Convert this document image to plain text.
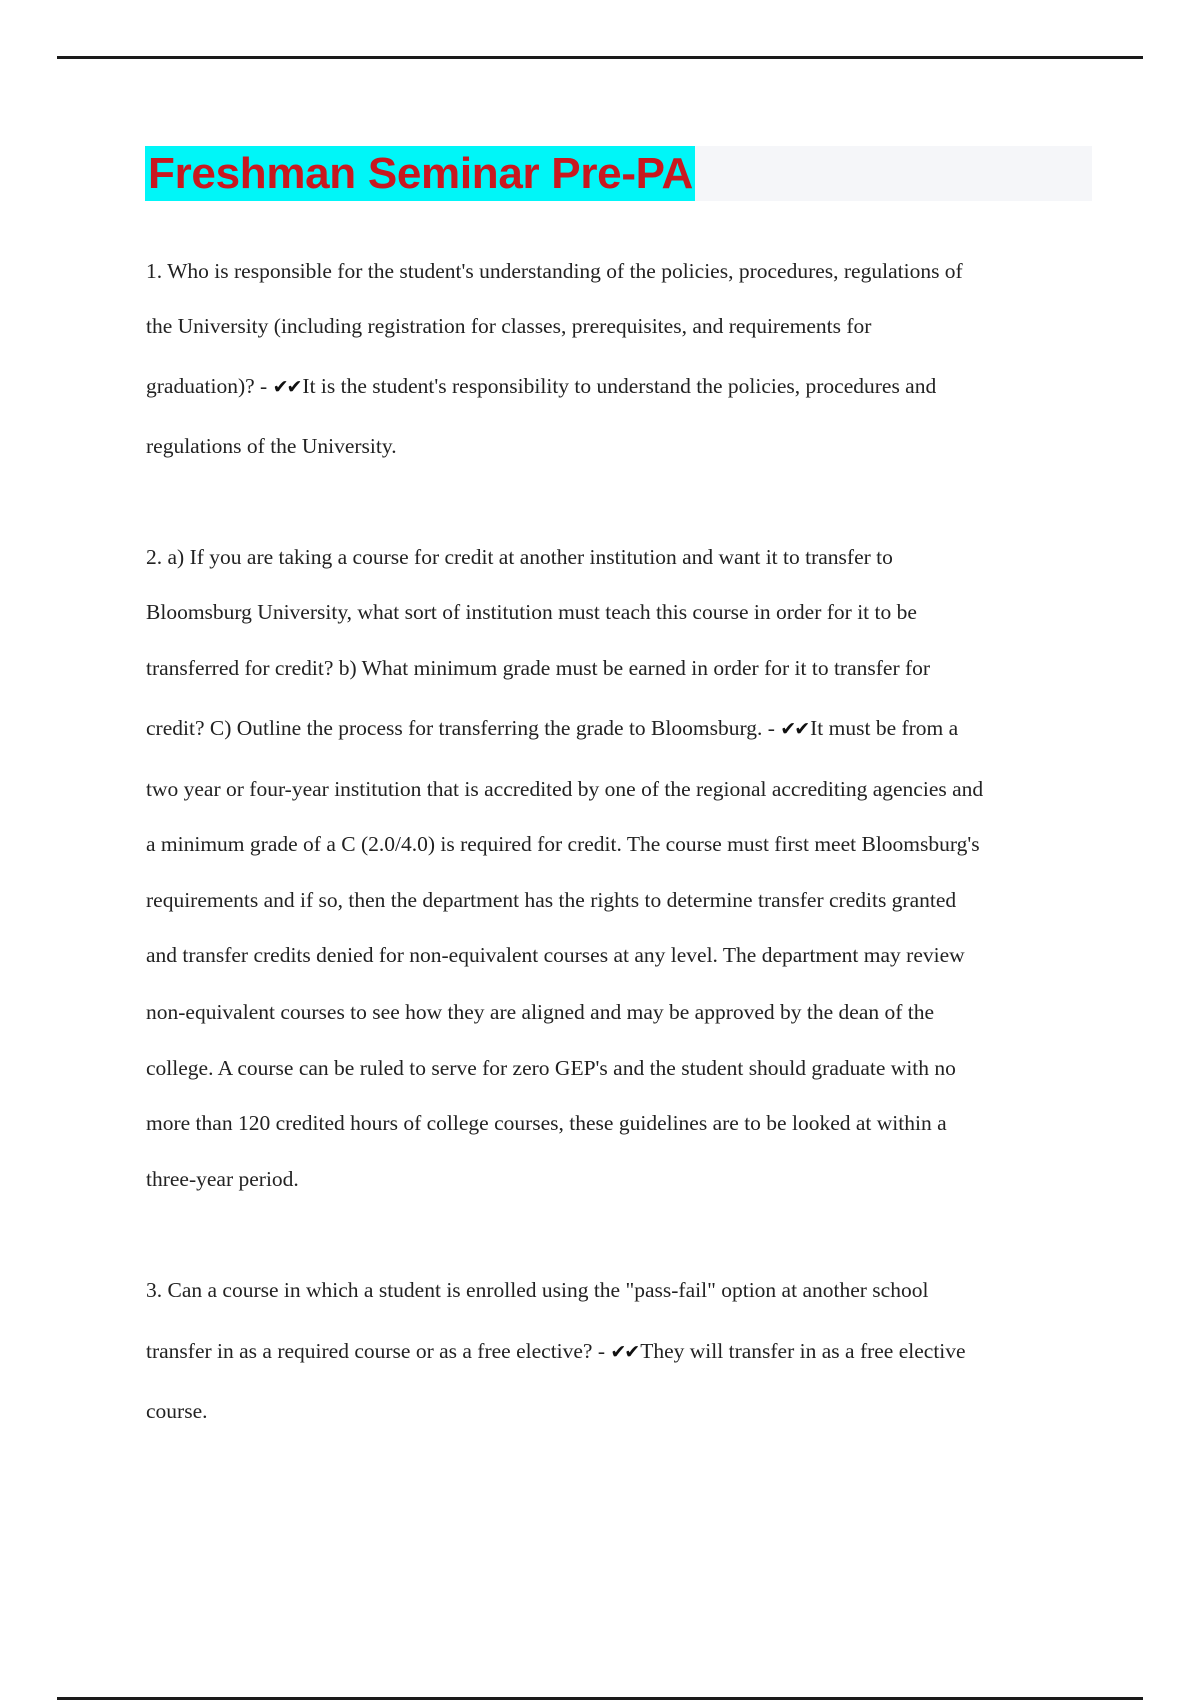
Freshman Seminar Pre-PA
1. Who is responsible for the student's understanding of the policies, procedures, regulations of
the University (including registration for classes, prerequisites, and requirements for
graduation)? - ✔✔It is the student's responsibility to understand the policies, procedures and
regulations of the University.
2. a) If you are taking a course for credit at another institution and want it to transfer to
Bloomsburg University, what sort of institution must teach this course in order for it to be
transferred for credit? b) What minimum grade must be earned in order for it to transfer for
credit? C) Outline the process for transferring the grade to Bloomsburg. - ✔✔It must be from a
two year or four-year institution that is accredited by one of the regional accrediting agencies and
a minimum grade of a C (2.0/4.0) is required for credit. The course must first meet Bloomsburg's
requirements and if so, then the department has the rights to determine transfer credits granted
and transfer credits denied for non-equivalent courses at any level. The department may review
non-equivalent courses to see how they are aligned and may be approved by the dean of the
college. A course can be ruled to serve for zero GEP's and the student should graduate with no
more than 120 credited hours of college courses, these guidelines are to be looked at within a
three-year period.
3. Can a course in which a student is enrolled using the "pass-fail" option at another school
transfer in as a required course or as a free elective? - ✔✔They will transfer in as a free elective
course.
